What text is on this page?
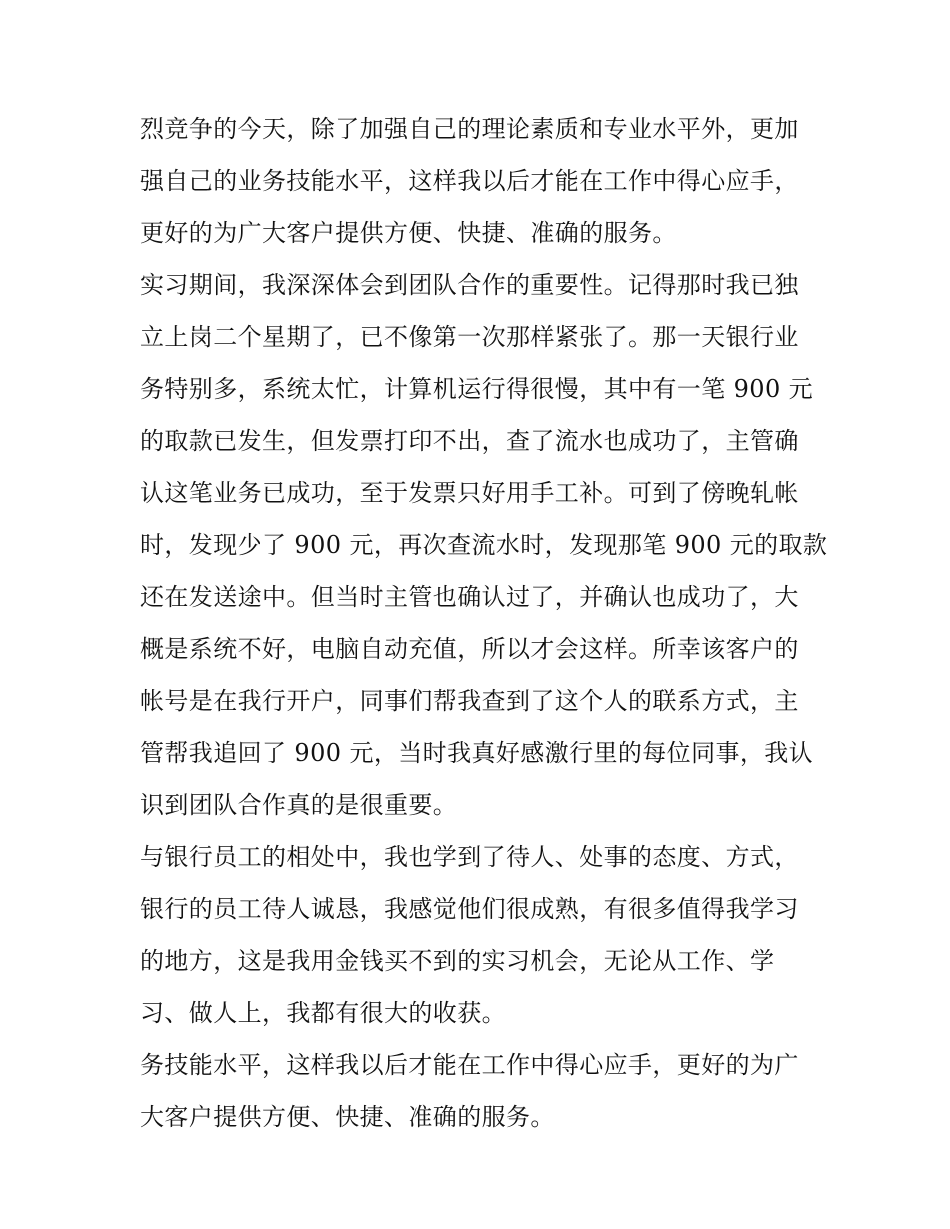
烈竞争的今天，除了加强自己的理论素质和专业水平外，更加
强自己的业务技能水平，这样我以后才能在工作中得心应手，
更好的为广大客户提供方便、快捷、准确的服务。
实习期间，我深深体会到团队合作的重要性。记得那时我已独
立上岗二个星期了，已不像第一次那样紧张了。那一天银行业
务特别多，系统太忙，计算机运行得很慢，其中有一笔 900 元
的取款已发生，但发票打印不出，查了流水也成功了，主管确
认这笔业务已成功，至于发票只好用手工补。可到了傍晚轧帐
时，发现少了 900 元，再次查流水时，发现那笔 900 元的取款
还在发送途中。但当时主管也确认过了，并确认也成功了，大
概是系统不好，电脑自动充值，所以才会这样。所幸该客户的
帐号是在我行开户，同事们帮我查到了这个人的联系方式，主
管帮我追回了 900 元，当时我真好感激行里的每位同事，我认
识到团队合作真的是很重要。
与银行员工的相处中，我也学到了待人、处事的态度、方式，
银行的员工待人诚恳，我感觉他们很成熟，有很多值得我学习
的地方，这是我用金钱买不到的实习机会，无论从工作、学
习、做人上，我都有很大的收获。
务技能水平，这样我以后才能在工作中得心应手，更好的为广
大客户提供方便、快捷、准确的服务。
